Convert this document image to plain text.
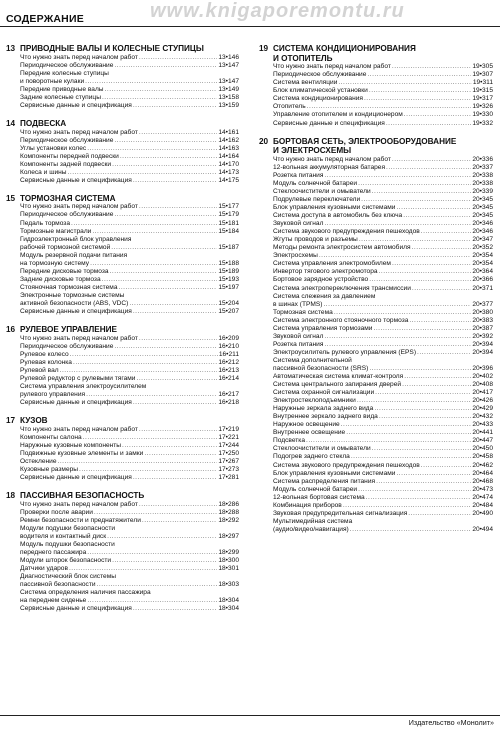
www.knigaporemontu.ru
СОДЕРЖАНИЕ
13 ПРИВОДНЫЕ ВАЛЫ И КОЛЕСНЫЕ СТУПИЦЫ
Что нужно знать перед началом работ .....	13•146
Периодическое обслуживание .....	13•147
Передние колесные ступицы
и поворотные кулаки .....	13•147
Передние приводные валы .....	13•149
Задние колесные ступицы .....	13•158
Сервисные данные и спецификация .....	13•159
14 ПОДВЕСКА
Что нужно знать перед началом работ .....	14•161
Периодическое обслуживание .....	14•162
Углы установки колес .....	14•163
Компоненты передней подвески .....	14•164
Компоненты задней подвески .....	14•170
Колеса и шины .....	14•173
Сервисные данные и спецификация .....	14•175
15 ТОРМОЗНАЯ СИСТЕМА
Что нужно знать перед началом работ .....	15•177
Периодическое обслуживание .....	15•179
Педаль тормоза .....	15•181
Тормозные магистрали .....	15•184
Гидроэлектронный блок управления
рабочей тормозной системой .....	15•187
Модуль резервной подачи питания
на тормозную систему .....	15•188
Передние дисковые тормоза .....	15•189
Задние дисковые тормоза .....	15•193
Стояночная тормозная система .....	15•197
Электронные тормозные системы
активной безопасности (ABS, VDC) .....	15•204
Сервисные данные и спецификация .....	15•207
16 РУЛЕВОЕ УПРАВЛЕНИЕ
Что нужно знать перед началом работ .....	16•209
Периодическое обслуживание .....	16•210
Рулевое колесо .....	16•211
Рулевая колонка .....	16•212
Рулевой вал .....	16•213
Рулевой редуктор с рулевыми тягами .....	16•214
Система управления электроусилителем
рулевого управления .....	16•217
Сервисные данные и спецификация .....	16•218
17 КУЗОВ
Что нужно знать перед началом работ .....	17•219
Компоненты салона .....	17•221
Наружные кузовные компоненты .....	17•244
Подвижные кузовные элементы и замки .....	17•250
Остекление .....	17•267
Кузовные размеры .....	17•273
Сервисные данные и спецификация .....	17•281
18 ПАССИВНАЯ БЕЗОПАСНОСТЬ
Что нужно знать перед началом работ .....	18•286
Проверки после аварии .....	18•288
Ремни безопасности и преднатяжители .....	18•292
Модули подушки безопасности
водителя и контактный диск .....	18•297
Модуль подушки безопасности
переднего пассажира .....	18•299
Модули шторок безопасности .....	18•300
Датчики ударов .....	18•301
Диагностический блок системы
пассивной безопасности .....	18•303
Система определения наличия пассажира
на переднем сиденье .....	18•304
Сервисные данные и спецификация .....	18•304
19 СИСТЕМА КОНДИЦИОНИРОВАНИЯ
И ОТОПИТЕЛЬ
Что нужно знать перед началом работ .....	19•305
Периодическое обслуживание .....	19•307
Система вентиляции .....	19•311
Блок климатической установки .....	19•315
Система кондиционирования .....	19•317
Отопитель .....	19•326
Управление отопителем и кондиционером .....	19•330
Сервисные данные и спецификация .....	19•332
20 БОРТОВАЯ СЕТЬ, ЭЛЕКТРООБОРУДОВАНИЕ
И ЭЛЕКТРОСХЕМЫ
Что нужно знать перед началом работ .....	20•336
12-вольная аккумуляторная батарея .....	20•337
Розетка питания .....	20•338
Модуль солнечной батареи .....	20•338
Стеклоочистители и омыватели .....	20•339
Подрулевые переключатели .....	20•345
Блок управления кузовными системами .....	20•345
Система доступа в автомобиль без ключа .....	20•345
Звуковой сигнал .....	20•346
Система звукового предупреждения пешеходов .....	20•346
Жгуты проводов и разъемы .....	20•347
Методы ремонта электросистем автомобиля .....	20•352
Электросхемы .....	20•354
Система управления электромобилем .....	20•354
Инвертор тягового электромотора .....	20•364
Бортовое зарядное устройство .....	20•366
Система электропереключения трансмиссии .....	20•371
Система слежения за давлением
в шинах (TPMS) .....	20•377
Тормозная система .....	20•380
Система электронного стояночного тормоза .....	20•383
Система управления тормозами .....	20•387
Звуковой сигнал .....	20•392
Розетка питания .....	20•394
Электроусилитель рулевого управления (EPS) .....	20•394
Система дополнительной
пассивной безопасности (SRS) .....	20•396
Автоматическая система климат-контроля .....	20•402
Система центрального запирания дверей .....	20•408
Система охранной сигнализации .....	20•417
Электростеклоподъемники .....	20•426
Наружные зеркала заднего вида .....	20•429
Внутреннее зеркало заднего вида .....	20•432
Наружное освещение .....	20•433
Внутреннее освещение .....	20•441
Подсветка .....	20•447
Стеклоочистители и омыватели .....	20•450
Подогрев заднего стекла .....	20•458
Система звукового предупреждения пешеходов .....	20•462
Блок управления кузовными системами .....	20•464
Система распределения питания .....	20•468
Модуль солнечной батареи .....	20•473
12-вольная бортовая система .....	20•474
Комбинация приборов .....	20•484
Звуковая предупредительная сигнализация .....	20•490
Мультимедийная система
(аудио/видео/навигация) .....	20•494
Издательство «Монолит»
